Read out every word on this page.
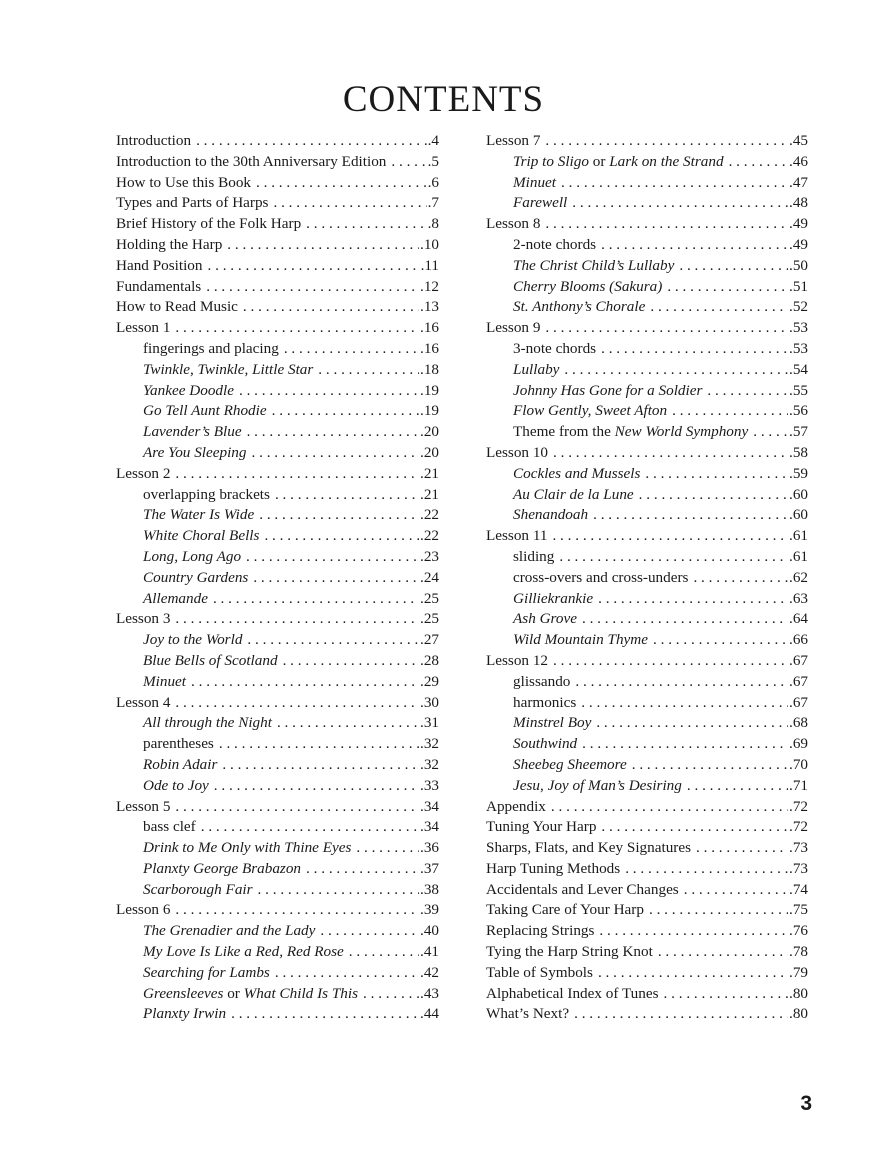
CONTENTS
Introduction . . .	.4
Introduction to the 30th Anniversary Edition . . .	.5
How to Use this Book . . .	.6
Types and Parts of Harps . . .	.7
Brief History of the Folk Harp . . .	.8
Holding the Harp . . .	.10
Hand Position . . .	.11
Fundamentals . . .	.12
How to Read Music . . .	.13
Lesson 1 . . .	.16
fingerings and placing . . .	.16
Twinkle, Twinkle, Little Star . . .	.18
Yankee Doodle . . .	.19
Go Tell Aunt Rhodie . . .	.19
Lavender’s Blue . . .	.20
Are You Sleeping . . .	.20
Lesson 2 . . .	.21
overlapping brackets . . .	.21
The Water Is Wide . . .	.22
White Choral Bells . . .	.22
Long, Long Ago . . .	.23
Country Gardens . . .	.24
Allemande . . .	.25
Lesson 3 . . .	.25
Joy to the World . . .	.27
Blue Bells of Scotland . . .	.28
Minuet . . .	.29
Lesson 4 . . .	.30
All through the Night . . .	.31
parentheses . . .	.32
Robin Adair . . .	.32
Ode to Joy . . .	.33
Lesson 5 . . .	.34
bass clef . . .	.34
Drink to Me Only with Thine Eyes . . .	.36
Planxty George Brabazon . . .	.37
Scarborough Fair . . .	.38
Lesson 6 . . .	.39
The Grenadier and the Lady . . .	.40
My Love Is Like a Red, Red Rose . . .	.41
Searching for Lambs . . .	.42
Greensleeves or What Child Is This . . .	.43
Planxty Irwin . . .	.44
Lesson 7 . . .	.45
Trip to Sligo or Lark on the Strand . . .	.46
Minuet . . .	.47
Farewell . . .	.48
Lesson 8 . . .	.49
2-note chords . . .	.49
The Christ Child’s Lullaby . . .	.50
Cherry Blooms (Sakura) . . .	.51
St. Anthony’s Chorale . . .	.52
Lesson 9 . . .	.53
3-note chords . . .	.53
Lullaby . . .	.54
Johnny Has Gone for a Soldier . . .	.55
Flow Gently, Sweet Afton . . .	.56
Theme from the New World Symphony . . .	.57
Lesson 10 . . .	.58
Cockles and Mussels . . .	.59
Au Clair de la Lune . . .	.60
Shenandoah . . .	.60
Lesson 11 . . .	.61
sliding . . .	.61
cross-overs and cross-unders . . .	.62
Gilliekrankie . . .	.63
Ash Grove . . .	.64
Wild Mountain Thyme . . .	.66
Lesson 12 . . .	.67
glissando . . .	.67
harmonics . . .	.67
Minstrel Boy . . .	.68
Southwind . . .	.69
Sheebeg Sheemore . . .	.70
Jesu, Joy of Man’s Desiring . . .	.71
Appendix . . .	.72
Tuning Your Harp . . .	.72
Sharps, Flats, and Key Signatures . . .	.73
Harp Tuning Methods . . .	.73
Accidentals and Lever Changes . . .	.74
Taking Care of Your Harp . . .	.75
Replacing Strings . . .	.76
Tying the Harp String Knot . . .	.78
Table of Symbols . . .	.79
Alphabetical Index of Tunes . . .	.80
What’s Next? . . .	.80
3
